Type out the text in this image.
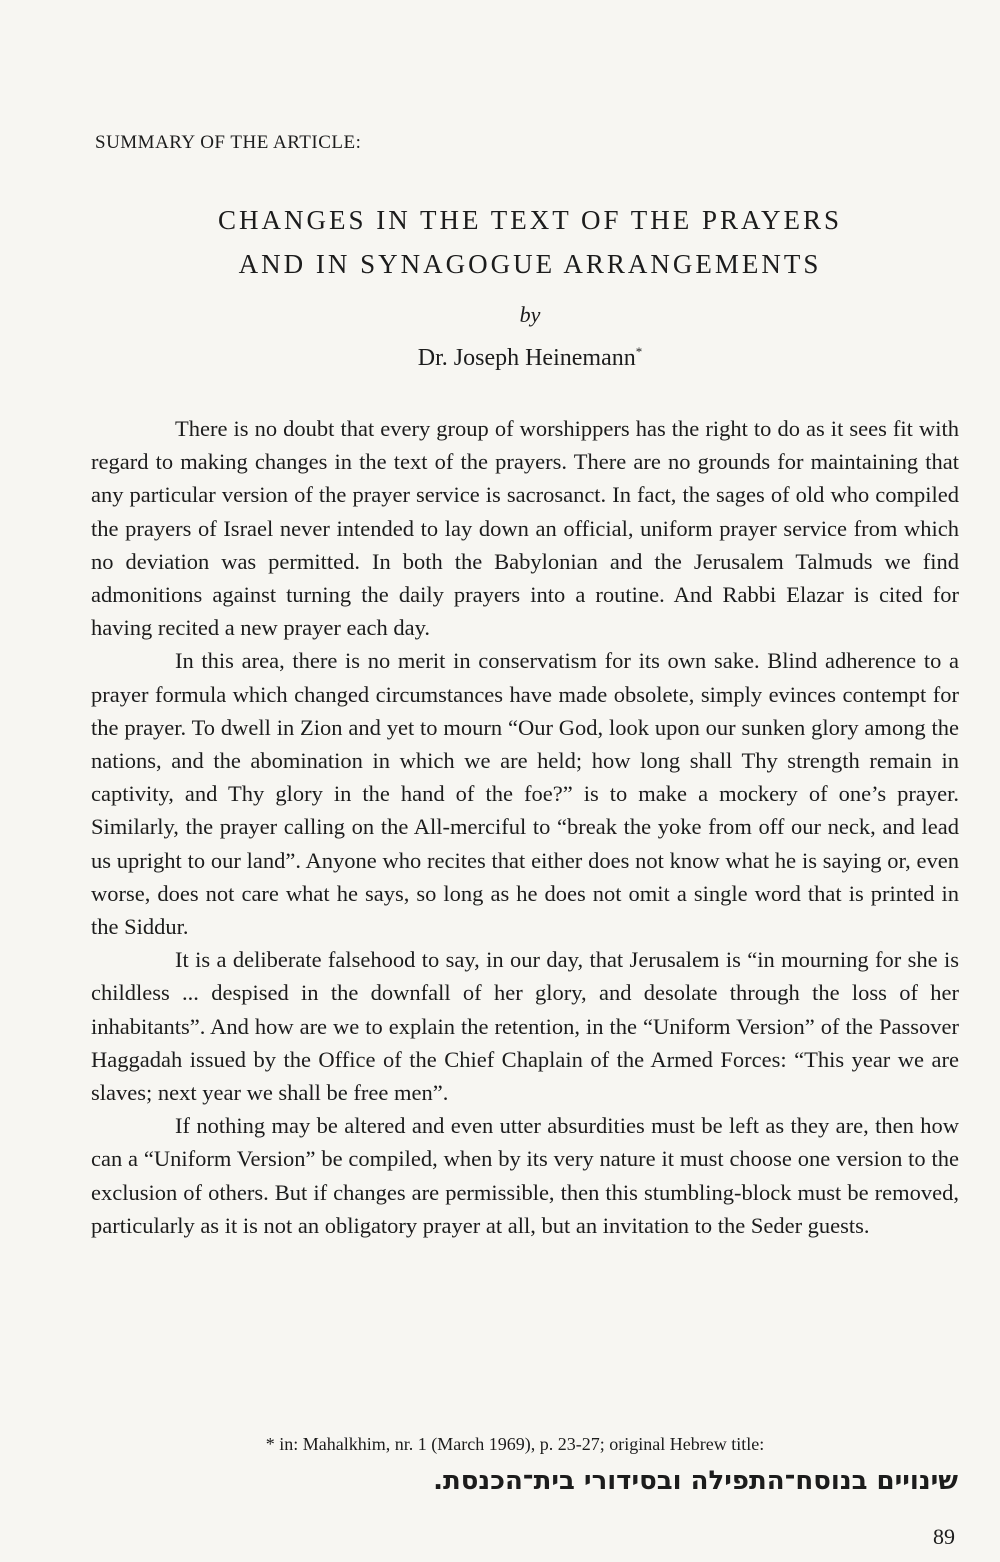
SUMMARY OF THE ARTICLE:
CHANGES IN THE TEXT OF THE PRAYERS
AND IN SYNAGOGUE ARRANGEMENTS
by
Dr. Joseph Heinemann*

There is no doubt that every group of worshippers has the right to do as it sees fit with regard to making changes in the text of the prayers. There are no grounds for maintaining that any particular version of the prayer service is sacrosanct. In fact, the sages of old who compiled the prayers of Israel never intended to lay down an official, uniform prayer service from which no deviation was permitted. In both the Babylonian and the Jerusalem Talmuds we find admonitions against turning the daily prayers into a routine. And Rabbi Elazar is cited for having recited a new prayer each day.

In this area, there is no merit in conservatism for its own sake. Blind adherence to a prayer formula which changed circumstances have made obsolete, simply evinces contempt for the prayer. To dwell in Zion and yet to mourn “Our God, look upon our sunken glory among the nations, and the abomination in which we are held; how long shall Thy strength remain in captivity, and Thy glory in the hand of the foe?” is to make a mockery of one’s prayer. Similarly, the prayer calling on the All-merciful to “break the yoke from off our neck, and lead us upright to our land”. Anyone who recites that either does not know what he is saying or, even worse, does not care what he says, so long as he does not omit a single word that is printed in the Siddur.

It is a deliberate falsehood to say, in our day, that Jerusalem is “in mourning for she is childless ... despised in the downfall of her glory, and desolate through the loss of her inhabitants”. And how are we to explain the retention, in the “Uniform Version” of the Passover Haggadah issued by the Office of the Chief Chaplain of the Armed Forces: “This year we are slaves; next year we shall be free men”.

If nothing may be altered and even utter absurdities must be left as they are, then how can a “Uniform Version” be compiled, when by its very nature it must choose one version to the exclusion of others. But if changes are permissible, then this stumbling-block must be removed, particularly as it is not an obligatory prayer at all, but an invitation to the Seder guests.

* in: Mahalkhim, nr. 1 (March 1969), p. 23-27; original Hebrew title:
שינויים בנוסח־התפילה ובסידורי בית־הכנסת.
89
